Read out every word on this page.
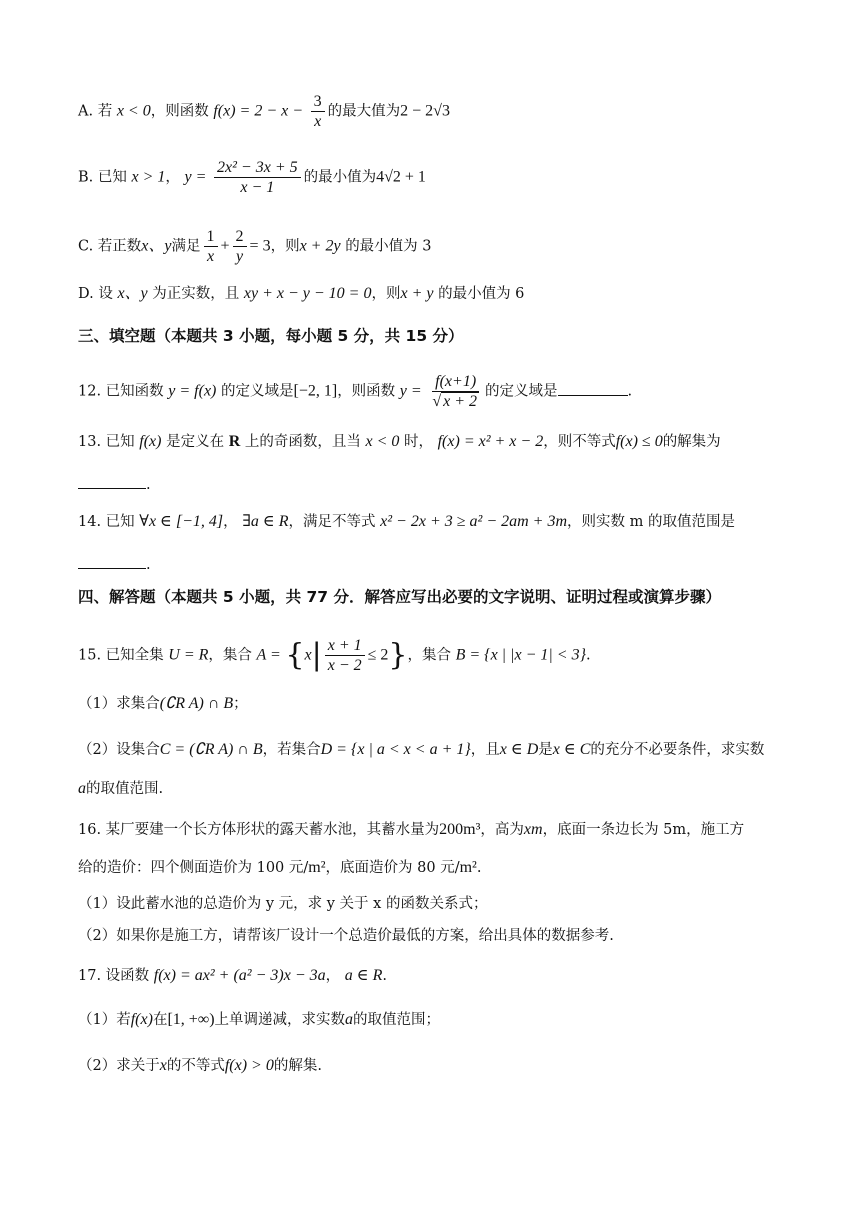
A. 若 x < 0，则函数 $f(x) = 2 - x - \frac{3}{x}$ 的最大值为2 − 2√3
B. 已知 x > 1， $y = \frac{\text{2x² − 3x + 5}}{x - 1}$ 的最小值为4√2 + 1
C. 若正数x、y满足 $\frac{1}{x} + \frac{2}{y} = 3$，则x + 2y 的最小值为 3
D. 设 x、y 为正实数，且 xy + x − y − 10 = 0，则x + y 的最小值为 6
三、填空题（本题共 3 小题，每小题 5 分，共 15 分）
12. 已知函数 y = f(x) 的定义域是[−2, 1]，则函数 $y = \frac{f(x+1)}{√ x + 2}$ 的定义域是	.
13. 已知 f(x) 是定义在 R 上的奇函数，且当 x < 0 时， f(x) = x² + x − 2，则不等式f(x) ≤ 0的解集为
.
14. 已知 ∀x ∈ [−1, 4]， ∃a ∈ R，满足不等式 x² − 2x + 3 ≥ a² − 2am + 3m，则实数 m 的取值范围是
.
四、解答题（本题共 5 小题，共 77 分．解答应写出必要的文字说明、证明过程或演算步骤）
15. 已知全集 U = R，集合 $A = \{x| \frac{x + 1}{x - 2} \le 2\}$，集合 B = {x | |x − 1| < 3}.
（1）求集合(∁R A) ∩ B；
（2）设集合C = (∁R A) ∩ B，若集合D = {x | a < x < a + 1}，且x ∈ D是x ∈ C的充分不必要条件，求实数
a的取值范围.
16. 某厂要建一个长方体形状的露天蓄水池，其蓄水量为200m³，高为xm，底面一条边长为 5m，施工方
给的造价：四个侧面造价为 100 元/m²，底面造价为 80 元/m².
（1）设此蓄水池的总造价为 y 元，求 y 关于 x 的函数关系式；
（2）如果你是施工方，请帮该厂设计一个总造价最低的方案，给出具体的数据参考.
17. 设函数 f(x) = ax² + (a² − 3)x − 3a， a ∈ R.
（1）若f(x)在[1, +∞)上单调递减，求实数a的取值范围；
（2）求关于x的不等式f(x) > 0的解集.
